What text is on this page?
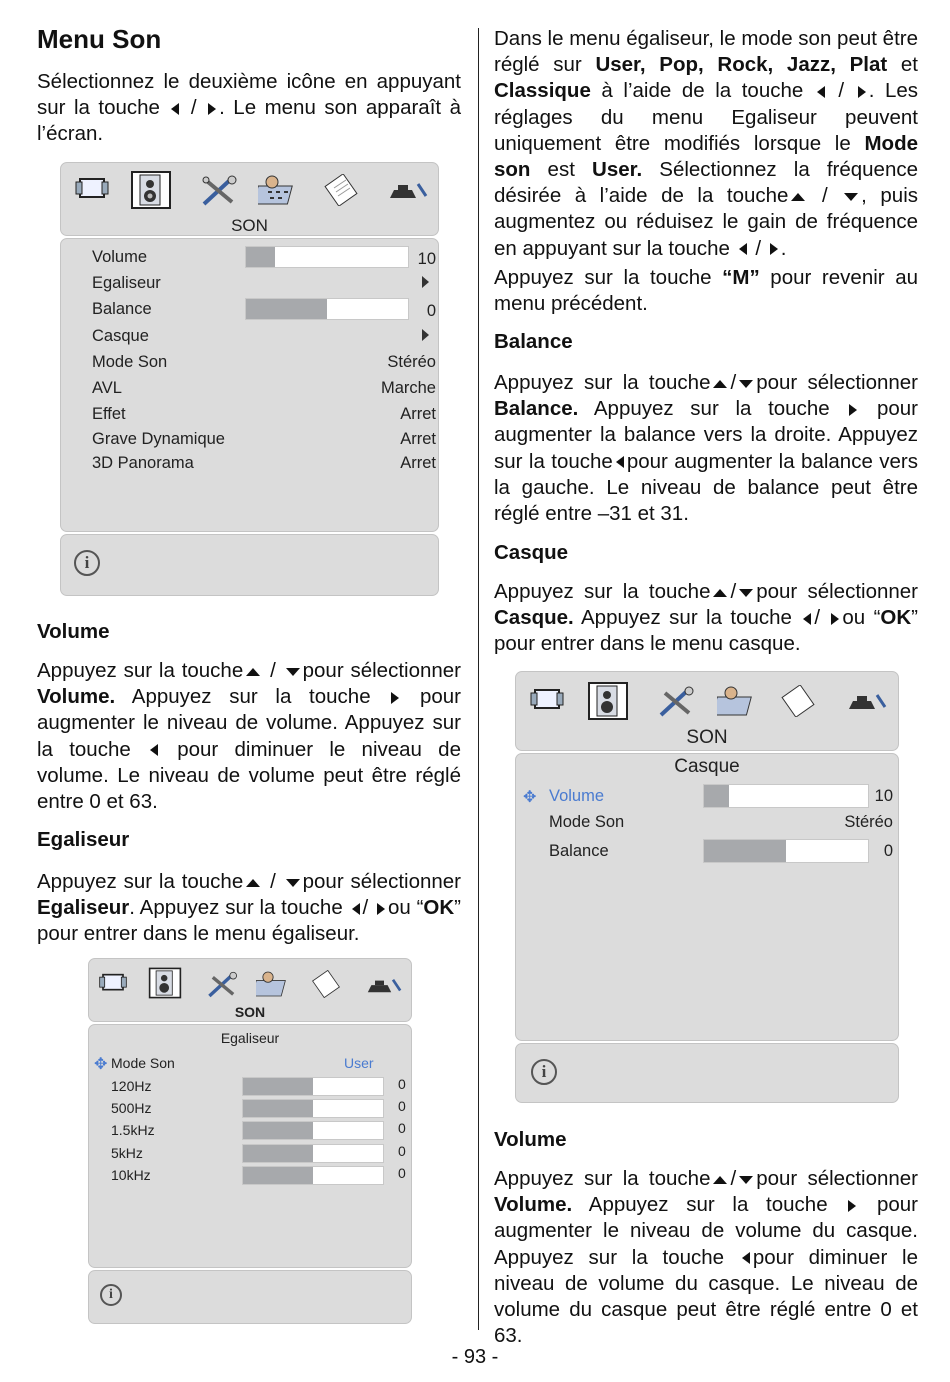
Menu Son
Sélectionnez le deuxième icône en appuyant sur la touche  / . Le menu son apparaît à l’écran.
Volume
Appuyez sur la touche / pour sélectionner Volume. Appuyez sur la touche  pour augmenter le niveau de volume. Appuyez sur la touche  pour diminuer le niveau de volume. Le niveau de volume peut être réglé entre 0 et 63.
Egaliseur
Appuyez sur la touche / pour sélectionner Egaliseur. Appuyez sur la touche / ou “OK” pour entrer dans le menu égaliseur.
SON
i
Volume	10
Egaliseur
Balance	0
Casque
Mode Son	Stéréo
AVL	Marche
Effet	Arret
Grave Dynamique	Arret
3D Panorama	Arret
SON
Egaliseur
✥ Mode Son	User
120Hz	0
500Hz	0
1.5kHz	0
5kHz	0
10kHz	0
i
Dans le menu égaliseur, le mode son peut être réglé sur User, Pop, Rock, Jazz, Plat et Classique à l’aide de la touche  / . Les réglages du menu Egaliseur peuvent uniquement être modifiés lorsque le Mode son est User. Sélectionnez la fréquence désirée à l’aide de la touche / , puis augmentez ou réduisez le gain de fréquence en appuyant sur la touche  / .
Appuyez sur la touche “M” pour revenir au menu précédent.
Balance
Appuyez sur la touche / pour sélectionner Balance. Appuyez sur la touche  pour augmenter la balance vers la droite. Appuyez sur la touche pour augmenter la balance vers la gauche. Le niveau de balance peut être réglé entre –31 et 31.
Casque
Appuyez sur la touche / pour sélectionner Casque. Appuyez sur la touche / ou “OK” pour entrer dans le menu casque.
Volume
Appuyez sur la touche / pour sélectionner Volume. Appuyez sur la touche  pour augmenter le niveau de volume du casque. Appuyez sur la touche pour diminuer le niveau de volume du casque. Le niveau de volume du casque peut être réglé entre 0 et 63.
SON
Casque
✥ Volume	10
Mode Son	Stéréo
Balance	0
i
- 93 -
